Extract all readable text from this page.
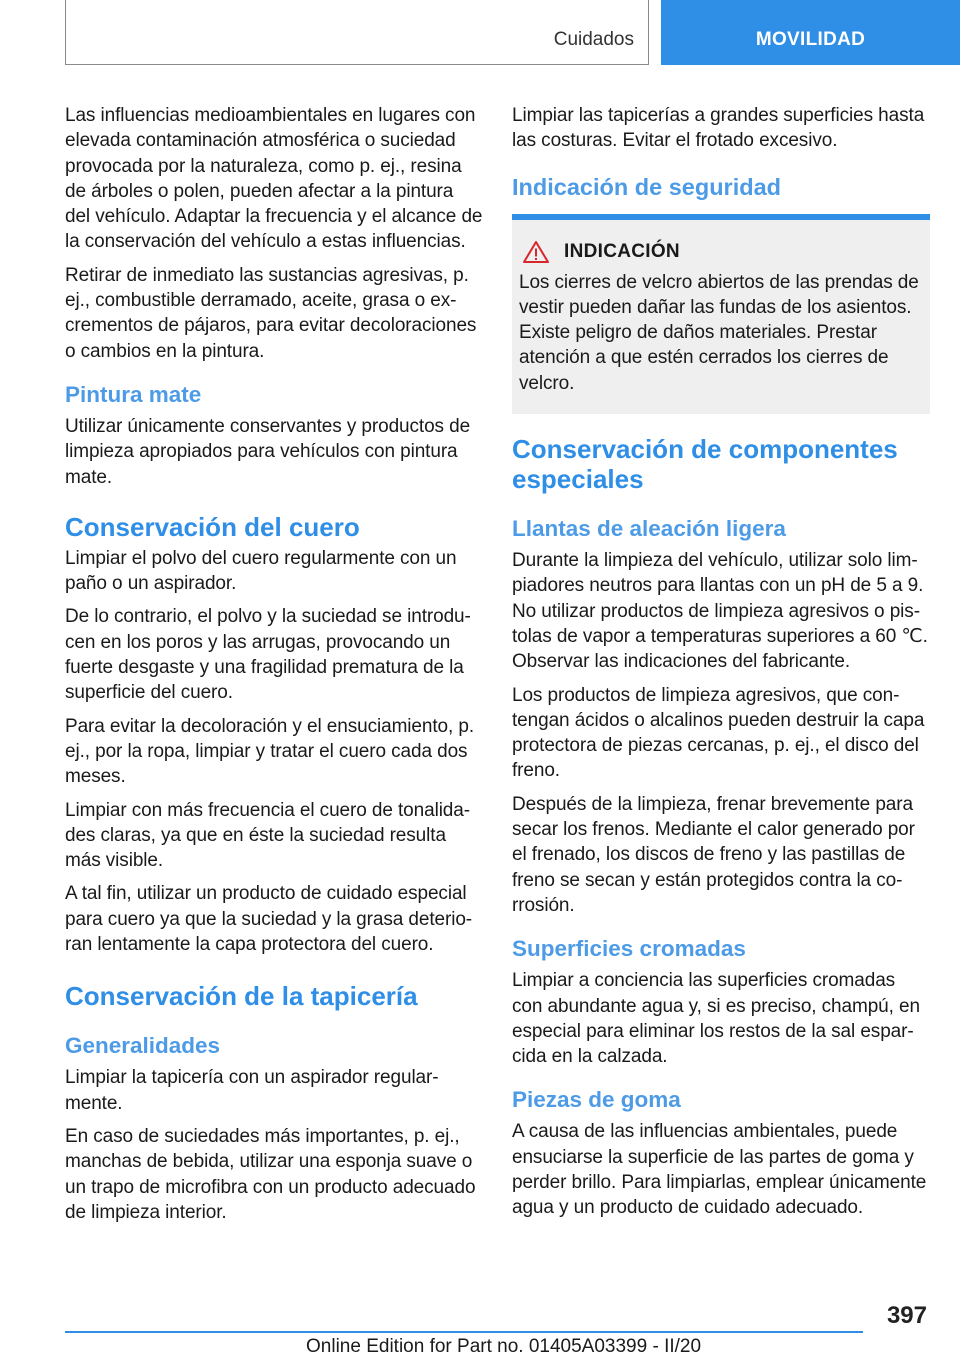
Cuidados	MOVILIDAD

Las influencias medioambientales en lugares con elevada contaminación atmosférica o suciedad provocada por la naturaleza, como p. ej., resina de árboles o polen, pueden afectar a la pintura del vehículo. Adaptar la frecuencia y el alcance de la conservación del vehículo a estas influencias.

Retirar de inmediato las sustancias agresivas, p. ej., combustible derramado, aceite, grasa o excrementos de pájaros, para evitar decoloraciones o cambios en la pintura.

Pintura mate

Utilizar únicamente conservantes y productos de limpieza apropiados para vehículos con pintura mate.

Conservación del cuero

Limpiar el polvo del cuero regularmente con un paño o un aspirador.

De lo contrario, el polvo y la suciedad se introducen en los poros y las arrugas, provocando un fuerte desgaste y una fragilidad prematura de la superficie del cuero.

Para evitar la decoloración y el ensuciamiento, p. ej., por la ropa, limpiar y tratar el cuero cada dos meses.

Limpiar con más frecuencia el cuero de tonalidades claras, ya que en éste la suciedad resulta más visible.

A tal fin, utilizar un producto de cuidado especial para cuero ya que la suciedad y la grasa deterioran lentamente la capa protectora del cuero.

Conservación de la tapicería
Generalidades

Limpiar la tapicería con un aspirador regularmente.

En caso de suciedades más importantes, p. ej., manchas de bebida, utilizar una esponja suave o un trapo de microfibra con un producto adecuado de limpieza interior.

Limpiar las tapicerías a grandes superficies hasta las costuras. Evitar el frotado excesivo.

Indicación de seguridad
INDICACIÓN

Los cierres de velcro abiertos de las prendas de vestir pueden dañar las fundas de los asientos. Existe peligro de daños materiales. Prestar atención a que estén cerrados los cierres de velcro.

Conservación de componentes especiales
Llantas de aleación ligera

Durante la limpieza del vehículo, utilizar solo limpiadores neutros para llantas con un pH de 5 a 9. No utilizar productos de limpieza agresivos o pistolas de vapor a temperaturas superiores a 60 ℃. Observar las indicaciones del fabricante.

Los productos de limpieza agresivos, que contengan ácidos o alcalinos pueden destruir la capa protectora de piezas cercanas, p. ej., el disco del freno.

Después de la limpieza, frenar brevemente para secar los frenos. Mediante el calor generado por el frenado, los discos de freno y las pastillas de freno se secan y están protegidos contra la corrosión.

Superficies cromadas

Limpiar a conciencia las superficies cromadas con abundante agua y, si es preciso, champú, en especial para eliminar los restos de la sal esparcida en la calzada.

Piezas de goma

A causa de las influencias ambientales, puede ensuciarse la superficie de las partes de goma y perder brillo. Para limpiarlas, emplear únicamente agua y un producto de cuidado adecuado.

397
Online Edition for Part no. 01405A03399 - II/20
